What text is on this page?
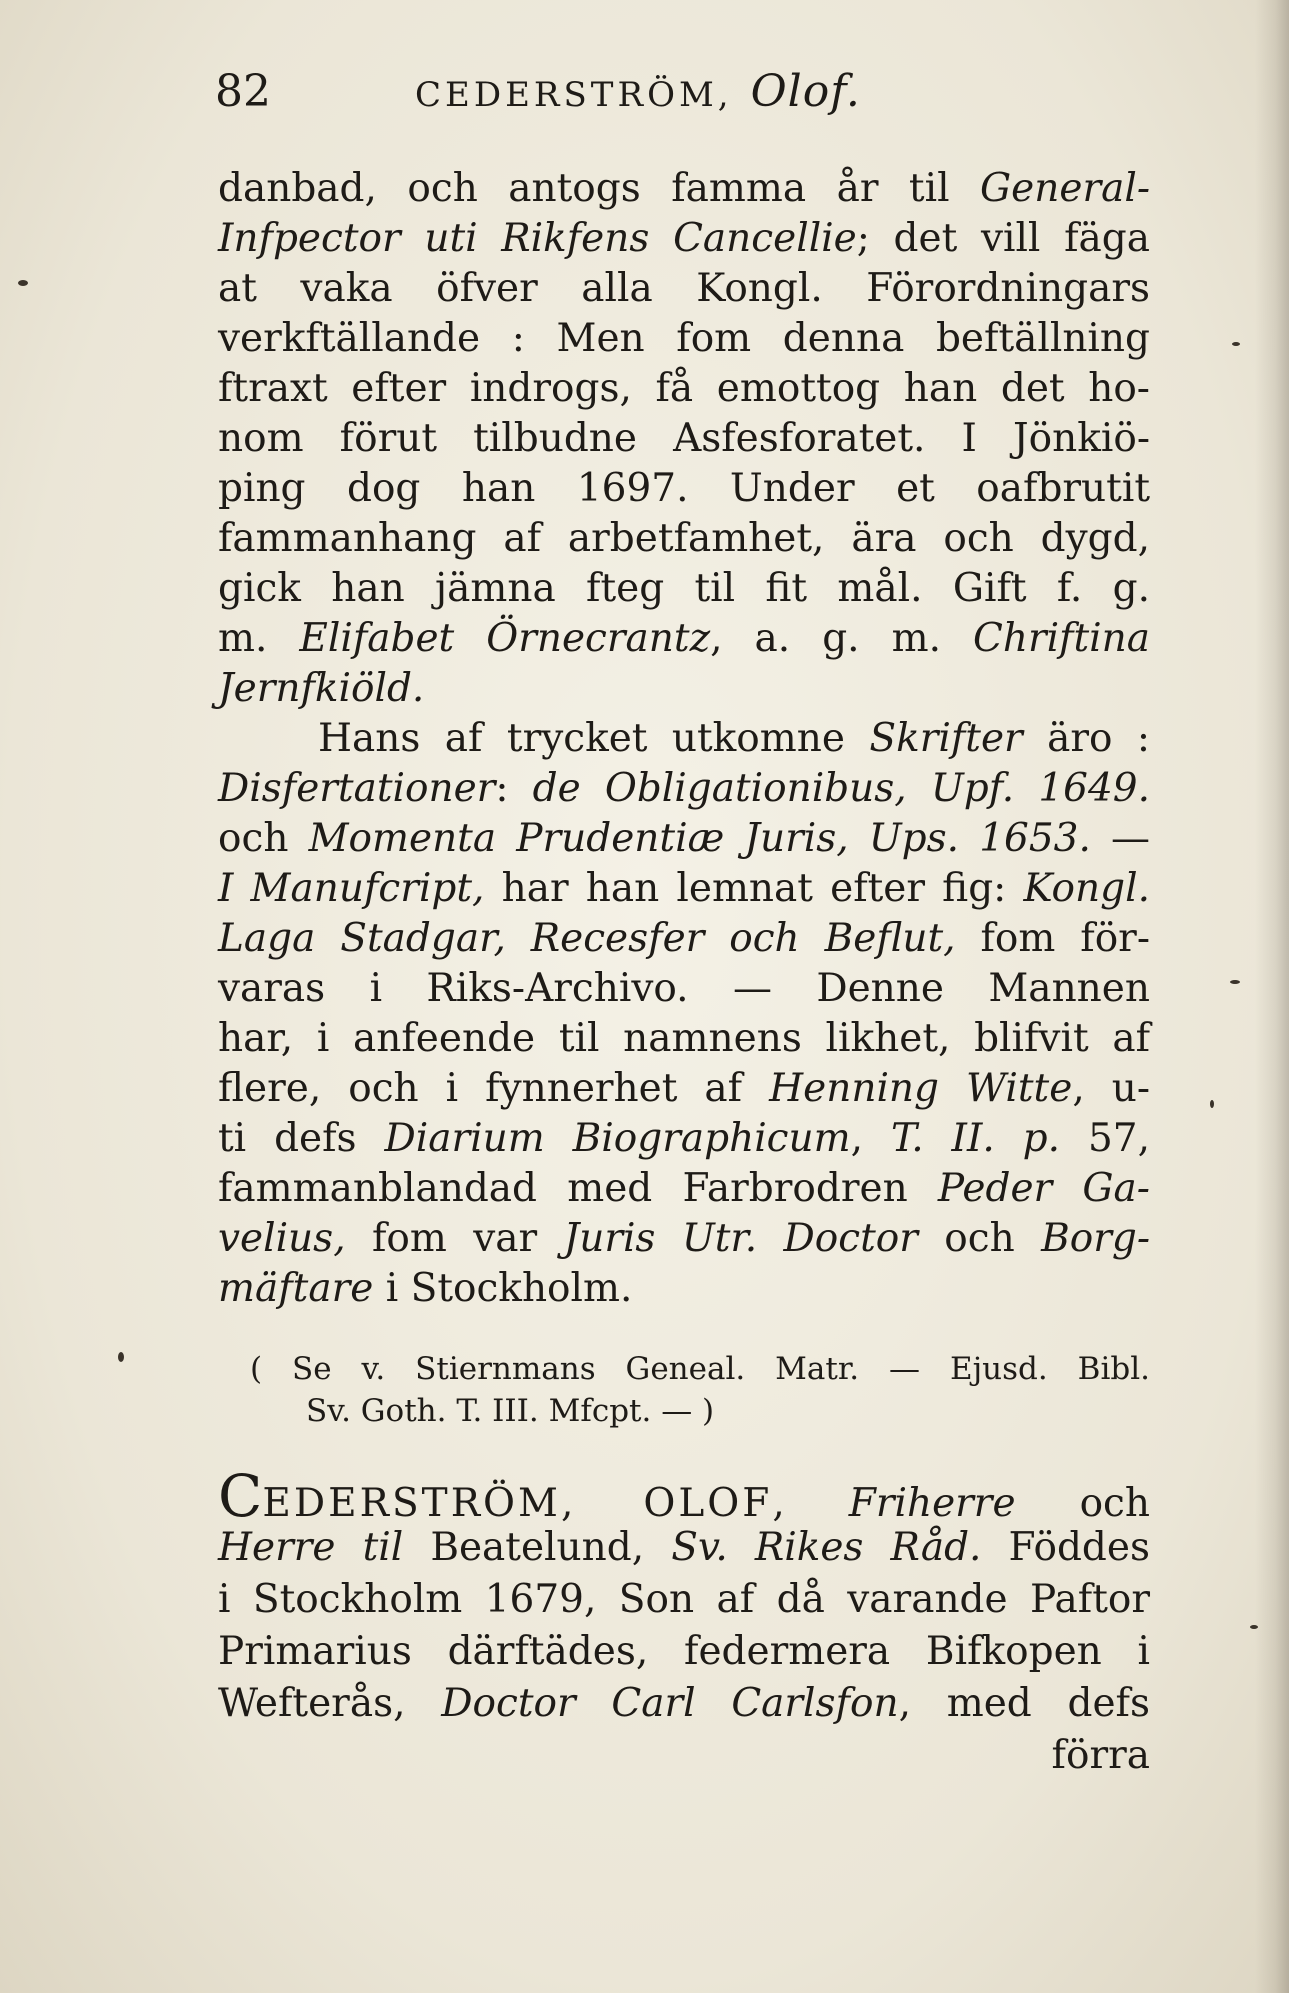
82	CEDERSTRÖM, Olof.
danbad, och antogs famma år til General-
Infpector uti Rikfens Cancellie; det vill fäga
at vaka öfver alla Kongl. Förordningars
verkftällande : Men fom denna beftällning
ftraxt efter indrogs, få emottog han det ho-
nom förut tilbudne Asfesforatet. I Jönkiö-
ping dog han 1697. Under et oafbrutit
fammanhang af arbetfamhet, ära och dygd,
gick han jämna fteg til fit mål. Gift f. g.
m. Elifabet Örnecrantz, a. g. m. Chriftina
Jernfkiöld.
Hans af trycket utkomne Skrifter äro :
Disfertationer: de Obligationibus, Upf. 1649.
och Momenta Prudentiæ Juris, Ups. 1653. —
I Manufcript, har han lemnat efter fig: Kongl.
Laga Stadgar, Recesfer och Beflut, fom för-
varas i Riks-Archivo. — Denne Mannen
har, i anfeende til namnens likhet, blifvit af
flere, och i fynnerhet af Henning Witte, u-
ti defs Diarium Biographicum, T. II. p. 57,
fammanblandad med Farbrodren Peder Ga-
velius, fom var Juris Utr. Doctor och Borg-
mäftare i Stockholm.
( Se v. Stiernmans Geneal. Matr. — Ejusd. Bibl.
Sv. Goth. T. III. Mfcpt. — )
CEDERSTRÖM, OLOF, Friherre och
Herre til Beatelund, Sv. Rikes Råd. Föddes
i Stockholm 1679, Son af då varande Paftor
Primarius därftädes, federmera Bifkopen i
Wefterås, Doctor Carl Carlsfon, med defs
förra
